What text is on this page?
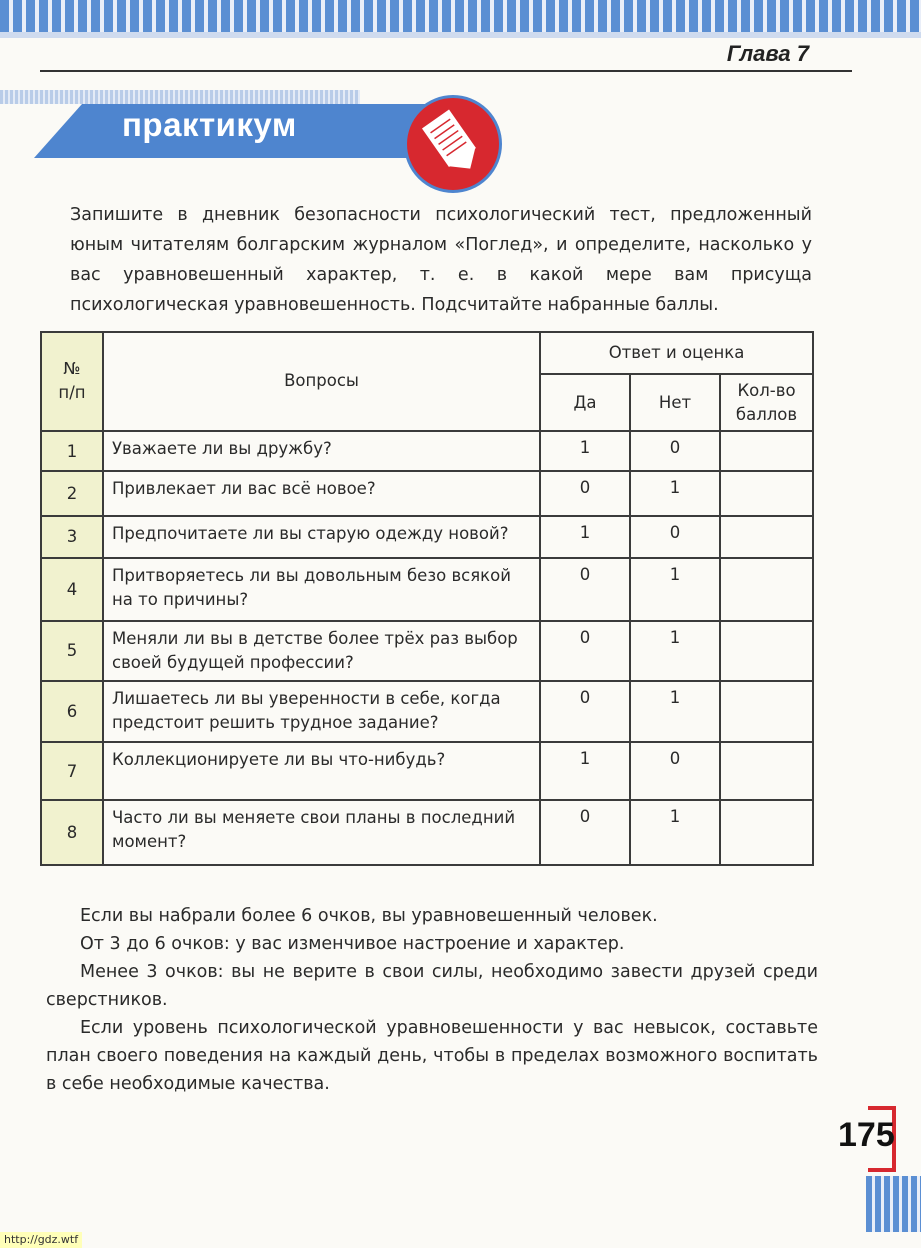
Глава 7
практикум
Запишите в дневник безопасности психологический тест, предложенный юным читателям болгарским журналом «Поглед», и определите, насколько у вас уравновешенный характер, т. е. в какой мере вам присуща психологическая уравновешенность. Подсчитайте набранные баллы.
№
п/п	Вопросы	Ответ и оценка		
		Да	Нет	Кол-во баллов
1	Уважаете ли вы дружбу?	1	0	
2	Привлекает ли вас всё новое?	0	1	
3	Предпочитаете ли вы старую одежду новой?	1	0	
4	Притворяетесь ли вы довольным безо всякой на то причины?	0	1	
5	Меняли ли вы в детстве более трёх раз выбор своей будущей профессии?	0	1	
6	Лишаетесь ли вы уверенности в себе, когда предстоит решить трудное задание?	0	1	
7	Коллекционируете ли вы что-нибудь?	1	0	
8	Часто ли вы меняете свои планы в последний момент?	0	1	

Если вы набрали более 6 очков, вы уравновешенный человек.

От 3 до 6 очков: у вас изменчивое настроение и характер.

Менее 3 очков: вы не верите в свои силы, необходимо завести друзей среди сверстников.

Если уровень психологической уравновешенности у вас невысок, составьте план своего поведения на каждый день, чтобы в пределах возможного воспитать в себе необходимые качества.

175
http://gdz.wtf
